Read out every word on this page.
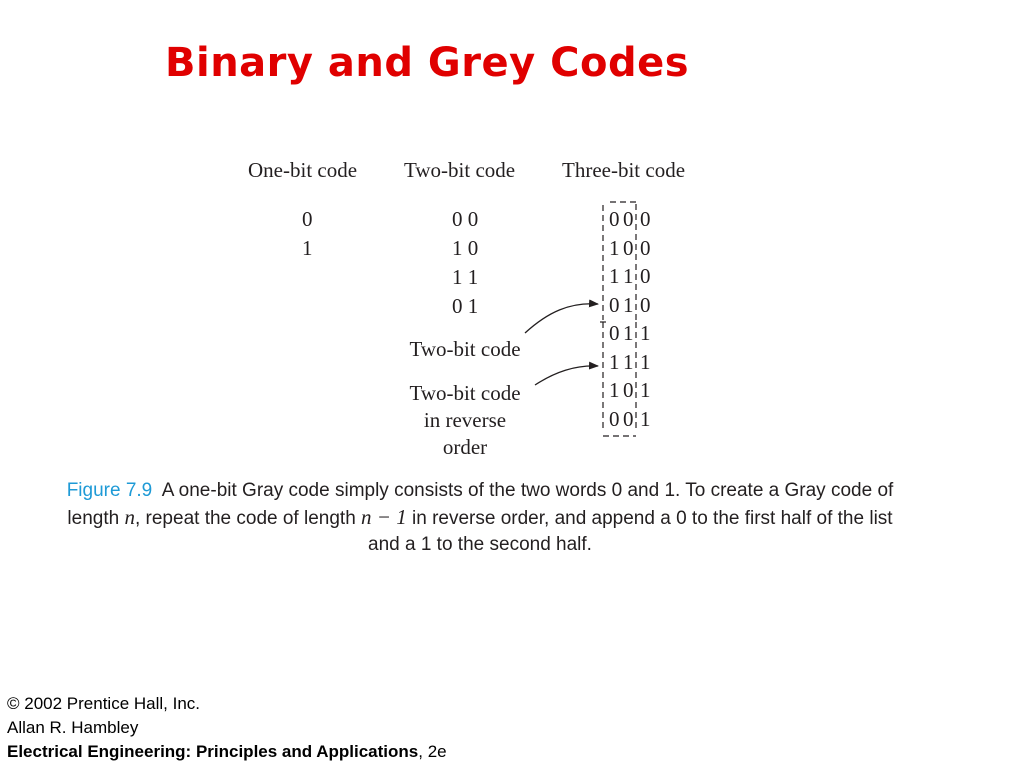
Binary and Grey Codes
One-bit code Two-bit code Three-bit code
0
1
0 0
1 0
1 1
0 1
Two-bit code
Two-bit code
in reverse
order
0 0 0
1 0 0
1 1 0
0 1 0
0 1 1
1 1 1
1 0 1
0 0 1
Figure 7.9 A one-bit Gray code simply consists of the two words 0 and 1. To create a Gray code of length n, repeat the code of length n − 1 in reverse order, and append a 0 to the first half of the list and a 1 to the second half.
© 2002 Prentice Hall, Inc.
Allan R. Hambley
Electrical Engineering: Principles and Applications, 2e
